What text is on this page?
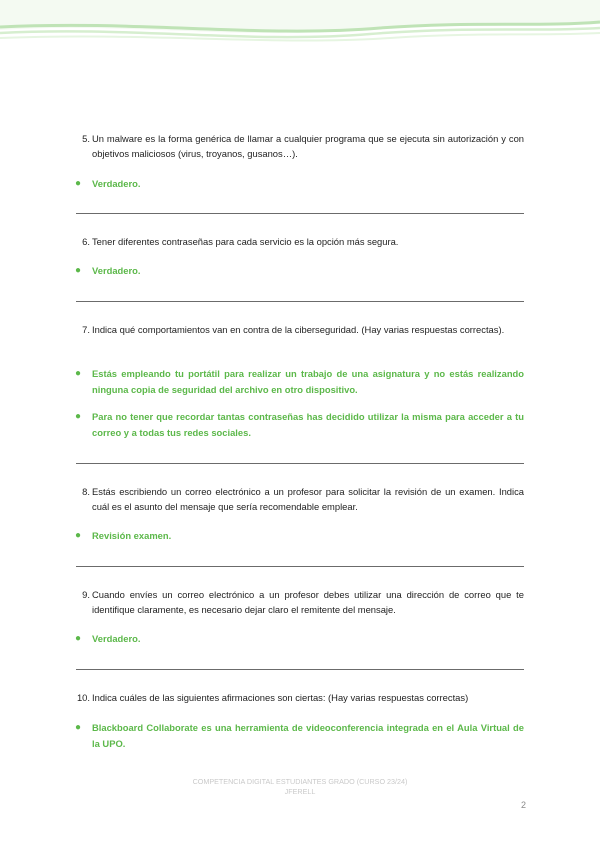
5. Un malware es la forma genérica de llamar a cualquier programa que se ejecuta sin autorización y con objetivos maliciosos (virus, troyanos, gusanos…).
● Verdadero.
6. Tener diferentes contraseñas para cada servicio es la opción más segura.
● Verdadero.
7. Indica qué comportamientos van en contra de la ciberseguridad. (Hay varias respuestas correctas).
● Estás empleando tu portátil para realizar un trabajo de una asignatura y no estás realizando ninguna copia de seguridad del archivo en otro dispositivo.
● Para no tener que recordar tantas contraseñas has decidido utilizar la misma para acceder a tu correo y a todas tus redes sociales.
8. Estás escribiendo un correo electrónico a un profesor para solicitar la revisión de un examen. Indica cuál es el asunto del mensaje que sería recomendable emplear.
● Revisión examen.
9. Cuando envíes un correo electrónico a un profesor debes utilizar una dirección de correo que te identifique claramente, es necesario dejar claro el remitente del mensaje.
● Verdadero.
10. Indica cuáles de las siguientes afirmaciones son ciertas: (Hay varias respuestas correctas)
● Blackboard Collaborate es una herramienta de videoconferencia integrada en el Aula Virtual de la UPO.
COMPETENCIA DIGITAL ESTUDIANTES GRADO (CURSO 23/24)
JFERELL
2
